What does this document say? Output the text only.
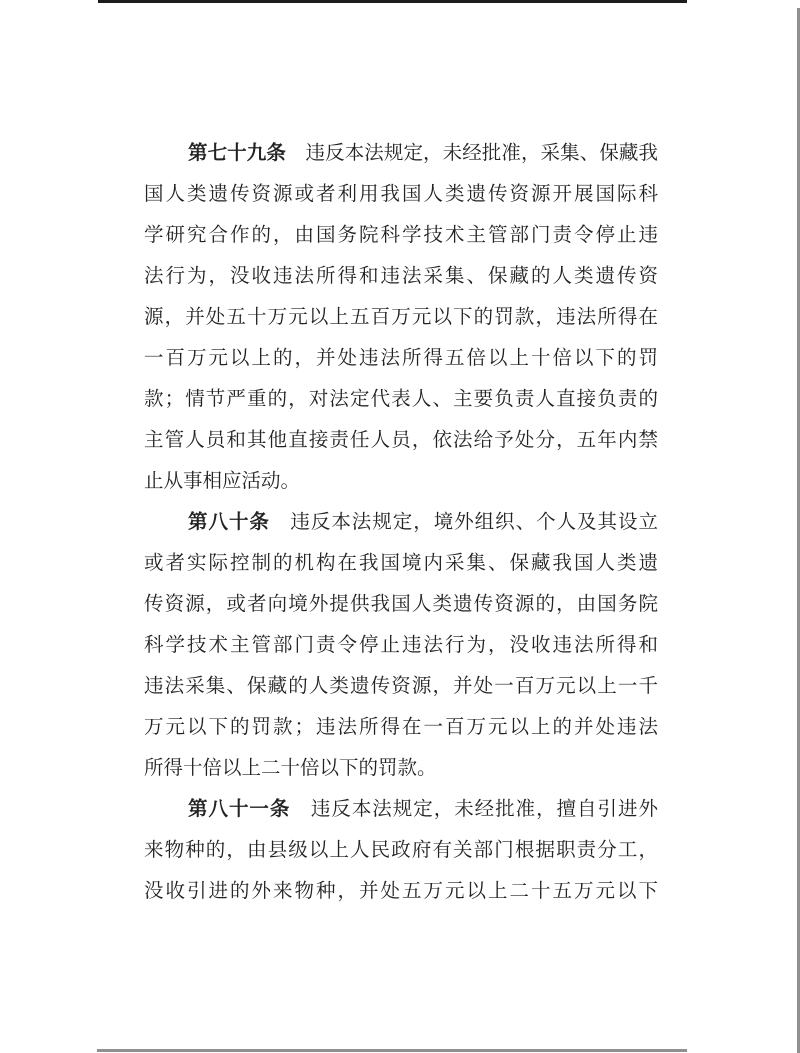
第七十九条　违反本法规定，未经批准，采集、保藏我
国人类遗传资源或者利用我国人类遗传资源开展国际科
学研究合作的，由国务院科学技术主管部门责令停止违
法行为，没收违法所得和违法采集、保藏的人类遗传资
源，并处五十万元以上五百万元以下的罚款，违法所得在
一百万元以上的，并处违法所得五倍以上十倍以下的罚
款；情节严重的，对法定代表人、主要负责人直接负责的
主管人员和其他直接责任人员，依法给予处分，五年内禁
止从事相应活动。
第八十条　违反本法规定，境外组织、个人及其设立
或者实际控制的机构在我国境内采集、保藏我国人类遗
传资源，或者向境外提供我国人类遗传资源的，由国务院
科学技术主管部门责令停止违法行为，没收违法所得和
违法采集、保藏的人类遗传资源，并处一百万元以上一千
万元以下的罚款；违法所得在一百万元以上的并处违法
所得十倍以上二十倍以下的罚款。
第八十一条　违反本法规定，未经批准，擅自引进外
来物种的，由县级以上人民政府有关部门根据职责分工，
没收引进的外来物种，并处五万元以上二十五万元以下
